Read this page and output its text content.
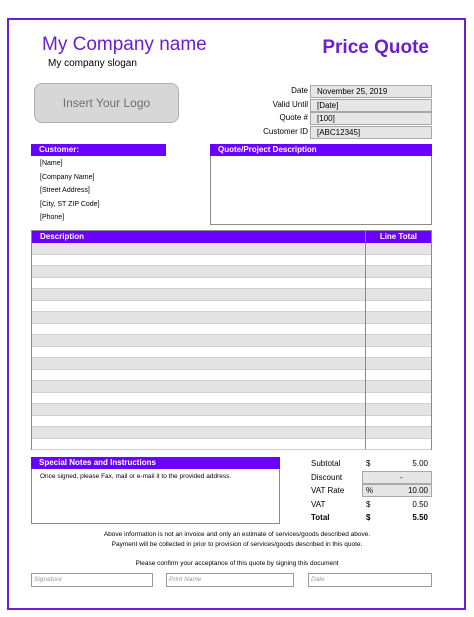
My Company name
My company slogan
Price Quote
Insert Your Logo
Date	November 25, 2019
Valid Until	[Date]
Quote #	[100]
Customer ID	[ABC12345]
Customer:
[Name]
[Company Name]
[Street Address]
[City, ST ZIP Code]
[Phone]
Quote/Project Description
Description	Line Total
Special Notes and Instructions
Once signed, please Fax, mail or e-mail it to the provided address.
Subtotal	$	5.00
Discount	-
VAT Rate	%	10.00
VAT	$	0.50
Total	$	5.50
Above information is not an invoice and only an estimate of services/goods described above.
Payment will be collected in prior to provision of services/goods described in this quote.
Please confirm your acceptance of this quote by signing this document
Signature	Print Name	Date
